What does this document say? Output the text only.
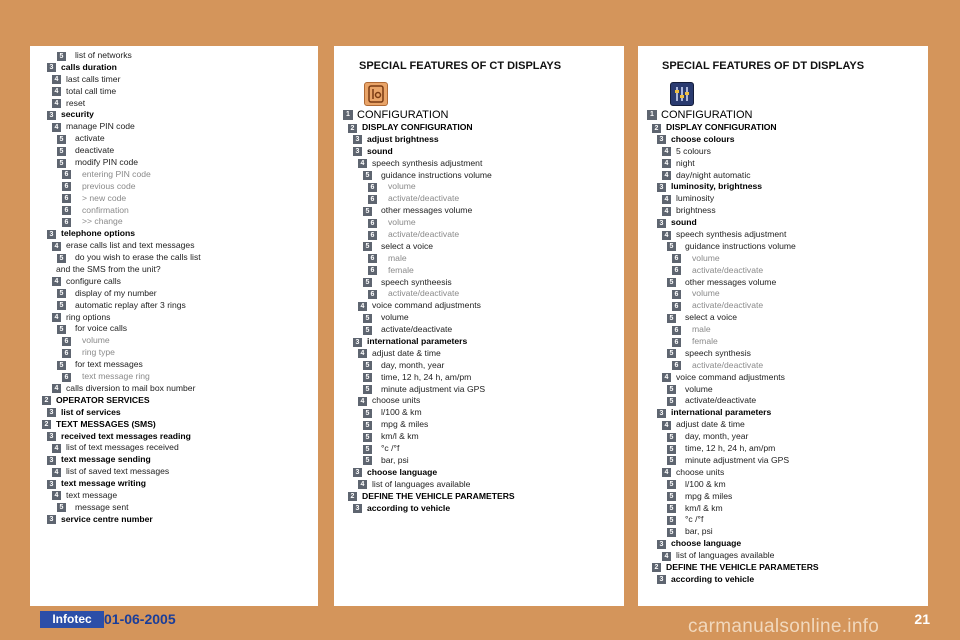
5 list of networks
3 calls duration
4 last calls timer
4 total call time
4 reset
3 security
4 manage PIN code
5 activate
5 deactivate
5 modify PIN code
6 entering PIN code
6 previous code
6 > new code
6 confirmation
6 >> change
3 telephone options
4 erase calls list and text messages
5 do you wish to erase the calls list
and the SMS from the unit?
4 configure calls
5 display of my number
5 automatic replay after 3 rings
4 ring options
5 for voice calls
6 volume
6 ring type
5 for text messages
6 text message ring
4 calls diversion to mail box number
2 OPERATOR SERVICES
3 list of services
2 TEXT MESSAGES (SMS)
3 received text messages reading
4 list of text messages received
3 text message sending
4 list of saved text messages
3 text message writing
4 text message
5 message sent
3 service centre number
SPECIAL FEATURES OF CT DISPLAYS
1 CONFIGURATION
2 DISPLAY CONFIGURATION
3 adjust brightness
3 sound
4 speech synthesis adjustment
5 guidance instructions volume
6 volume
6 activate/deactivate
5 other messages volume
6 volume
6 activate/deactivate
5 select a voice
6 male
6 female
5 speech syntheesis
6 activate/deactivate
4 voice command adjustments
5 volume
5 activate/deactivate
3 international parameters
4 adjust date & time
5 day, month, year
5 time, 12 h, 24 h, am/pm
5 minute adjustment via GPS
4 choose units
5 l/100 & km
5 mpg & miles
5 km/l & km
5 °c /°f
5 bar, psi
3 choose language
4 list of languages available
2 DEFINE THE VEHICLE PARAMETERS
3 according to vehicle
SPECIAL FEATURES OF DT DISPLAYS
1 CONFIGURATION
2 DISPLAY CONFIGURATION
3 choose colours
4 5 colours
4 night
4 day/night automatic
3 luminosity, brightness
4 luminosity
4 brightness
3 sound
4 speech synthesis adjustment
5 guidance instructions volume
6 volume
6 activate/deactivate
5 other messages volume
6 volume
6 activate/deactivate
5 select a voice
6 male
6 female
5 speech synthesis
6 activate/deactivate
4 voice command adjustments
5 volume
5 activate/deactivate
3 international parameters
4 adjust date & time
5 day, month, year
5 time, 12 h, 24 h, am/pm
5 minute adjustment via GPS
4 choose units
5 l/100 & km
5 mpg & miles
5 km/l & km
5 °c /°f
5 bar, psi
3 choose language
4 list of languages available
2 DEFINE THE VEHICLE PARAMETERS
3 according to vehicle
Infotec 01-06-2005	21
carmanualsonline.info
